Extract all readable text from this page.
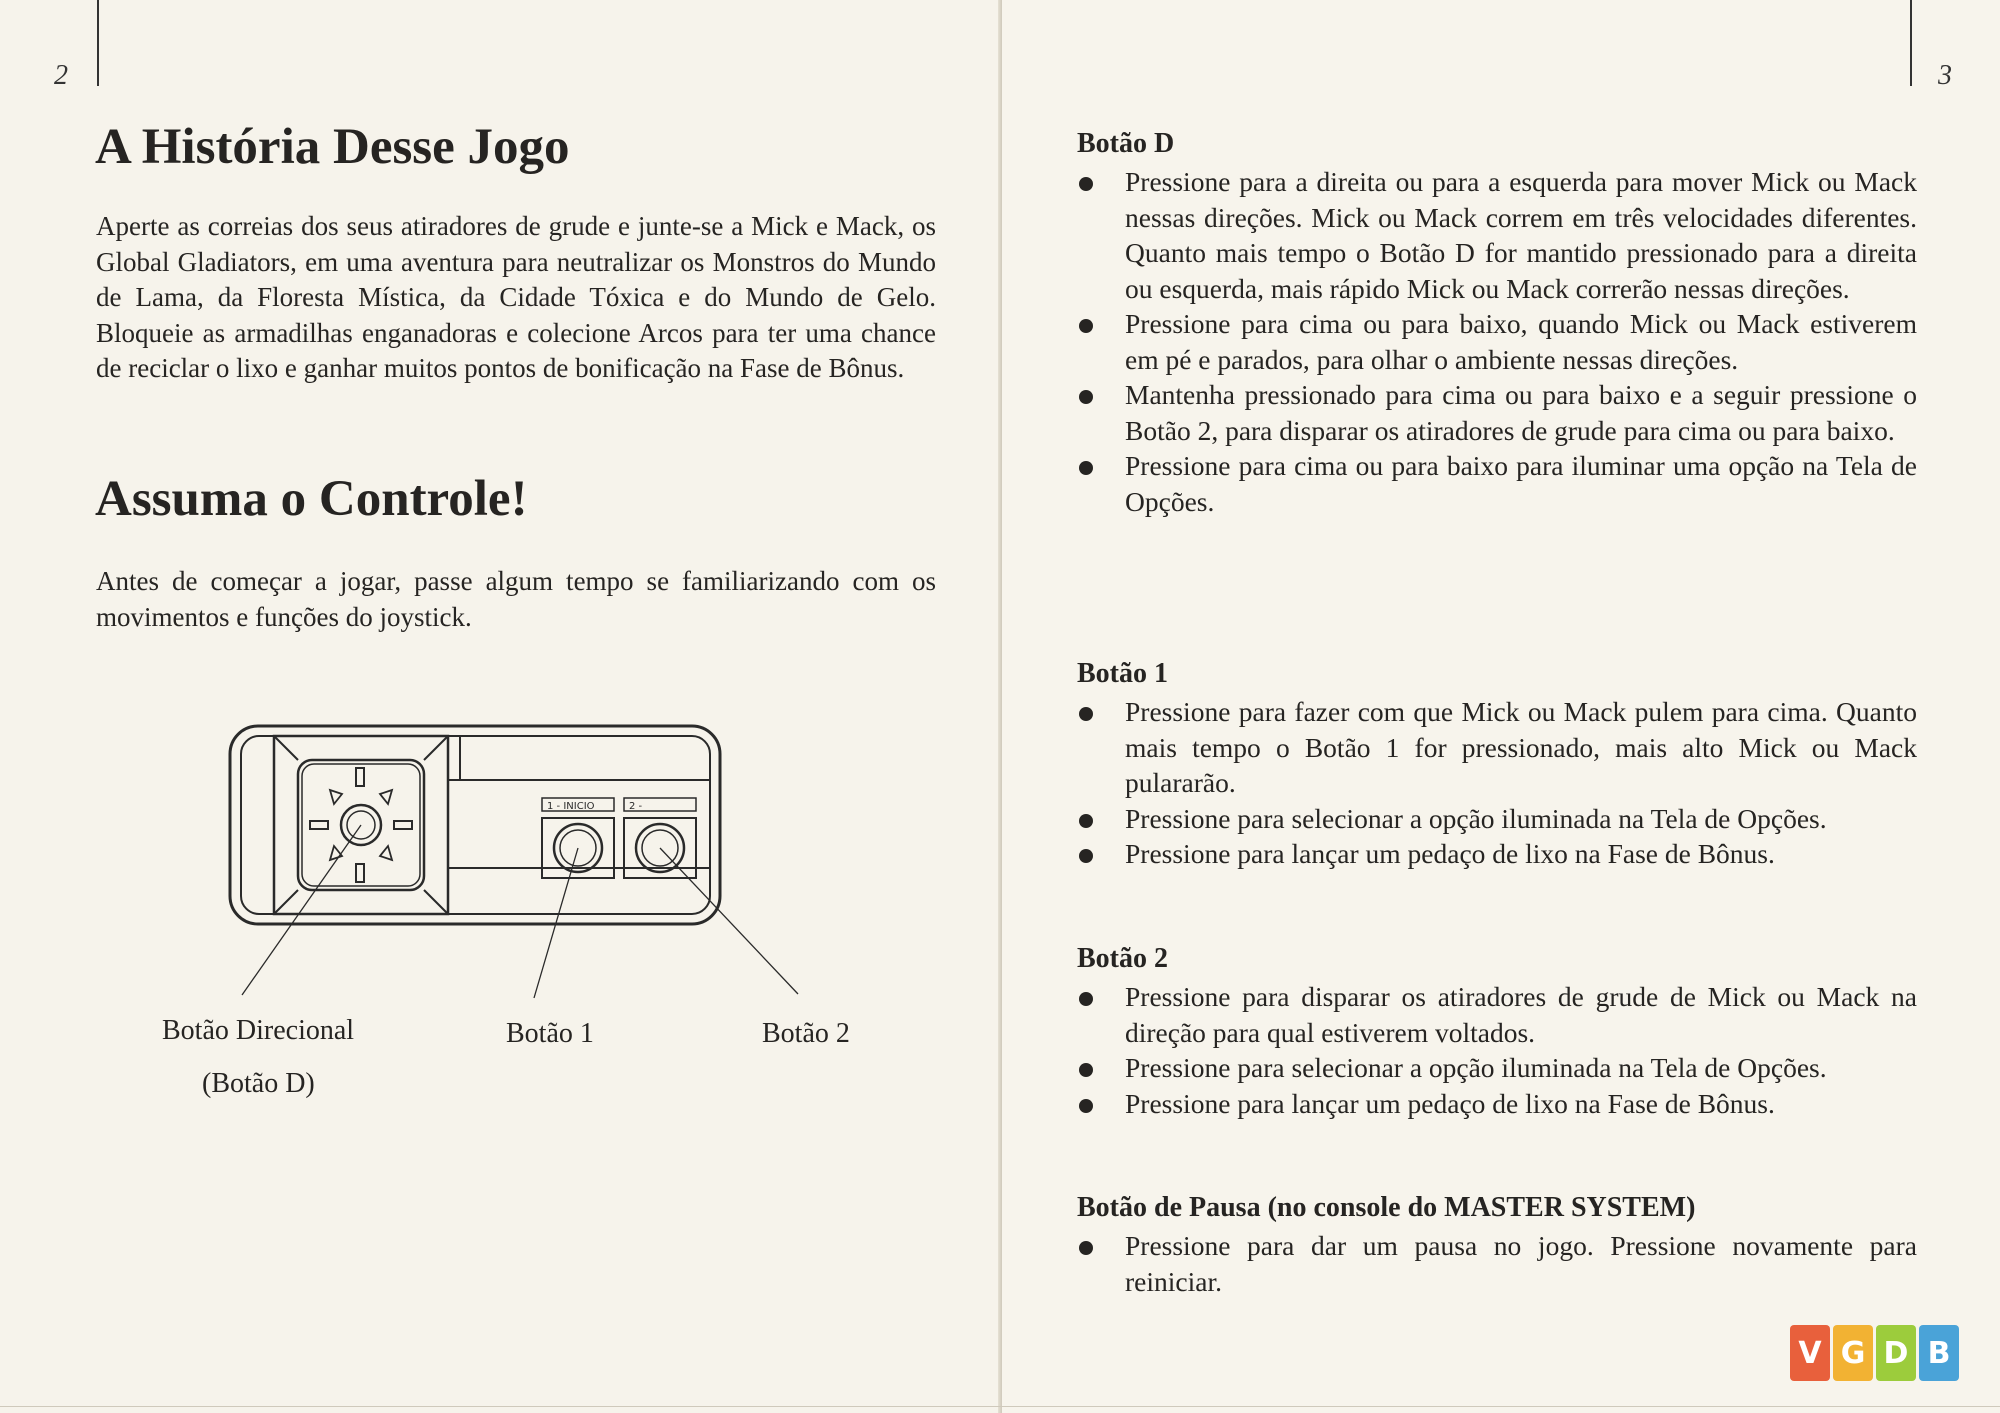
2
A História Desse Jogo

Aperte as correias dos seus atiradores de grude e junte-se a Mick e Mack, os Global Gladiators, em uma aventura para neutralizar os Monstros do Mundo de Lama, da Floresta Mística, da Cidade Tóxica e do Mundo de Gelo. Bloqueie as armadilhas enganadoras e colecione Arcos para ter uma chance de reciclar o lixo e ganhar muitos pontos de bonificação na Fase de Bônus.

Assuma o Controle!

Antes de começar a jogar, passe algum tempo se familiarizando com os movimentos e funções do joystick.

1 - INICIO	2 -
Botão Direcional
(Botão D)
Botão 1	Botão 2
3
Botão D
Pressione para a direita ou para a esquerda para mover Mick ou Mack nessas direções. Mick ou Mack correm em três velocidades diferentes. Quanto mais tempo o Botão D for mantido pressionado para a direita ou esquerda, mais rápido Mick ou Mack correrão nessas direções.
Pressione para cima ou para baixo, quando Mick ou Mack estiverem em pé e parados, para olhar o ambiente nessas direções.
Mantenha pressionado para cima ou para baixo e a seguir pressione o Botão 2, para disparar os atiradores de grude para cima ou para baixo.
Pressione para cima ou para baixo para iluminar uma opção na Tela de Opções.
Botão 1
Pressione para fazer com que Mick ou Mack pulem para cima. Quanto mais tempo o Botão 1 for pressionado, mais alto Mick ou Mack pulararão.
Pressione para selecionar a opção iluminada na Tela de Opções.
Pressione para lançar um pedaço de lixo na Fase de Bônus.
Botão 2
Pressione para disparar os atiradores de grude de Mick ou Mack na direção para qual estiverem voltados.
Pressione para selecionar a opção iluminada na Tela de Opções.
Pressione para lançar um pedaço de lixo na Fase de Bônus.
Botão de Pausa (no console do MASTER SYSTEM)
Pressione para dar um pausa no jogo. Pressione novamente para reiniciar.
V G D B
